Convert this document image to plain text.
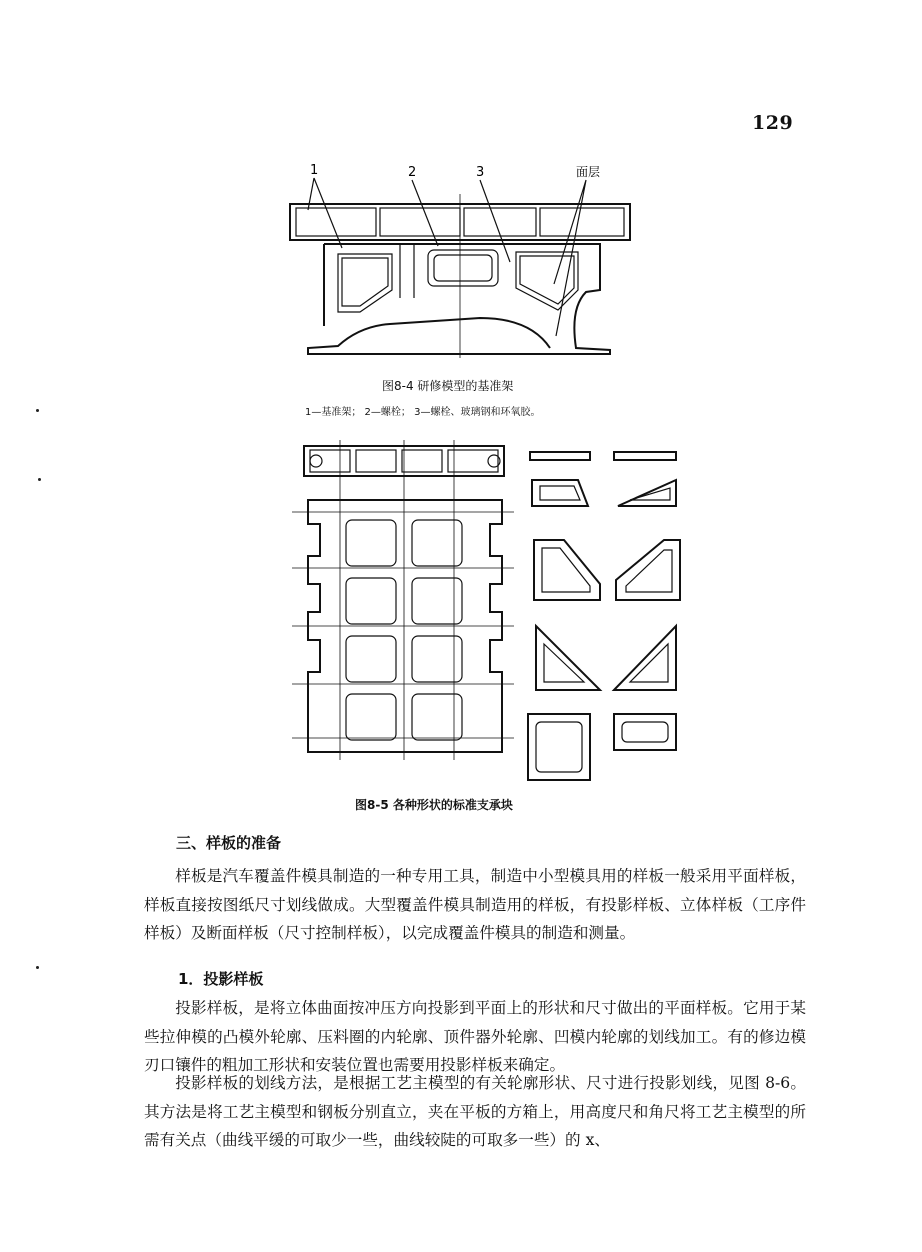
129
1	2	3	面层
图8-4 研修模型的基准架
1—基准架； 2—螺栓； 3—螺栓、玻璃钢和环氧胶。
图8-5 各种形状的标准支承块
三、样板的准备

样板是汽车覆盖件模具制造的一种专用工具，制造中小型模具用的样板一般采用平面样板，样板直接按图纸尺寸划线做成。大型覆盖件模具制造用的样板，有投影样板、立体样板（工序件样板）及断面样板（尺寸控制样板），以完成覆盖件模具的制造和测量。

1．投影样板

投影样板，是将立体曲面按冲压方向投影到平面上的形状和尺寸做出的平面样板。它用于某些拉伸模的凸模外轮廓、压料圈的内轮廓、顶件器外轮廓、凹模内轮廓的划线加工。有的修边模刃口镶件的粗加工形状和安装位置也需要用投影样板来确定。

投影样板的划线方法，是根据工艺主模型的有关轮廓形状、尺寸进行投影划线，见图 8-6。其方法是将工艺主模型和钢板分别直立，夹在平板的方箱上，用高度尺和角尺将工艺主模型的所需有关点（曲线平缓的可取少一些，曲线较陡的可取多一些）的 x、
